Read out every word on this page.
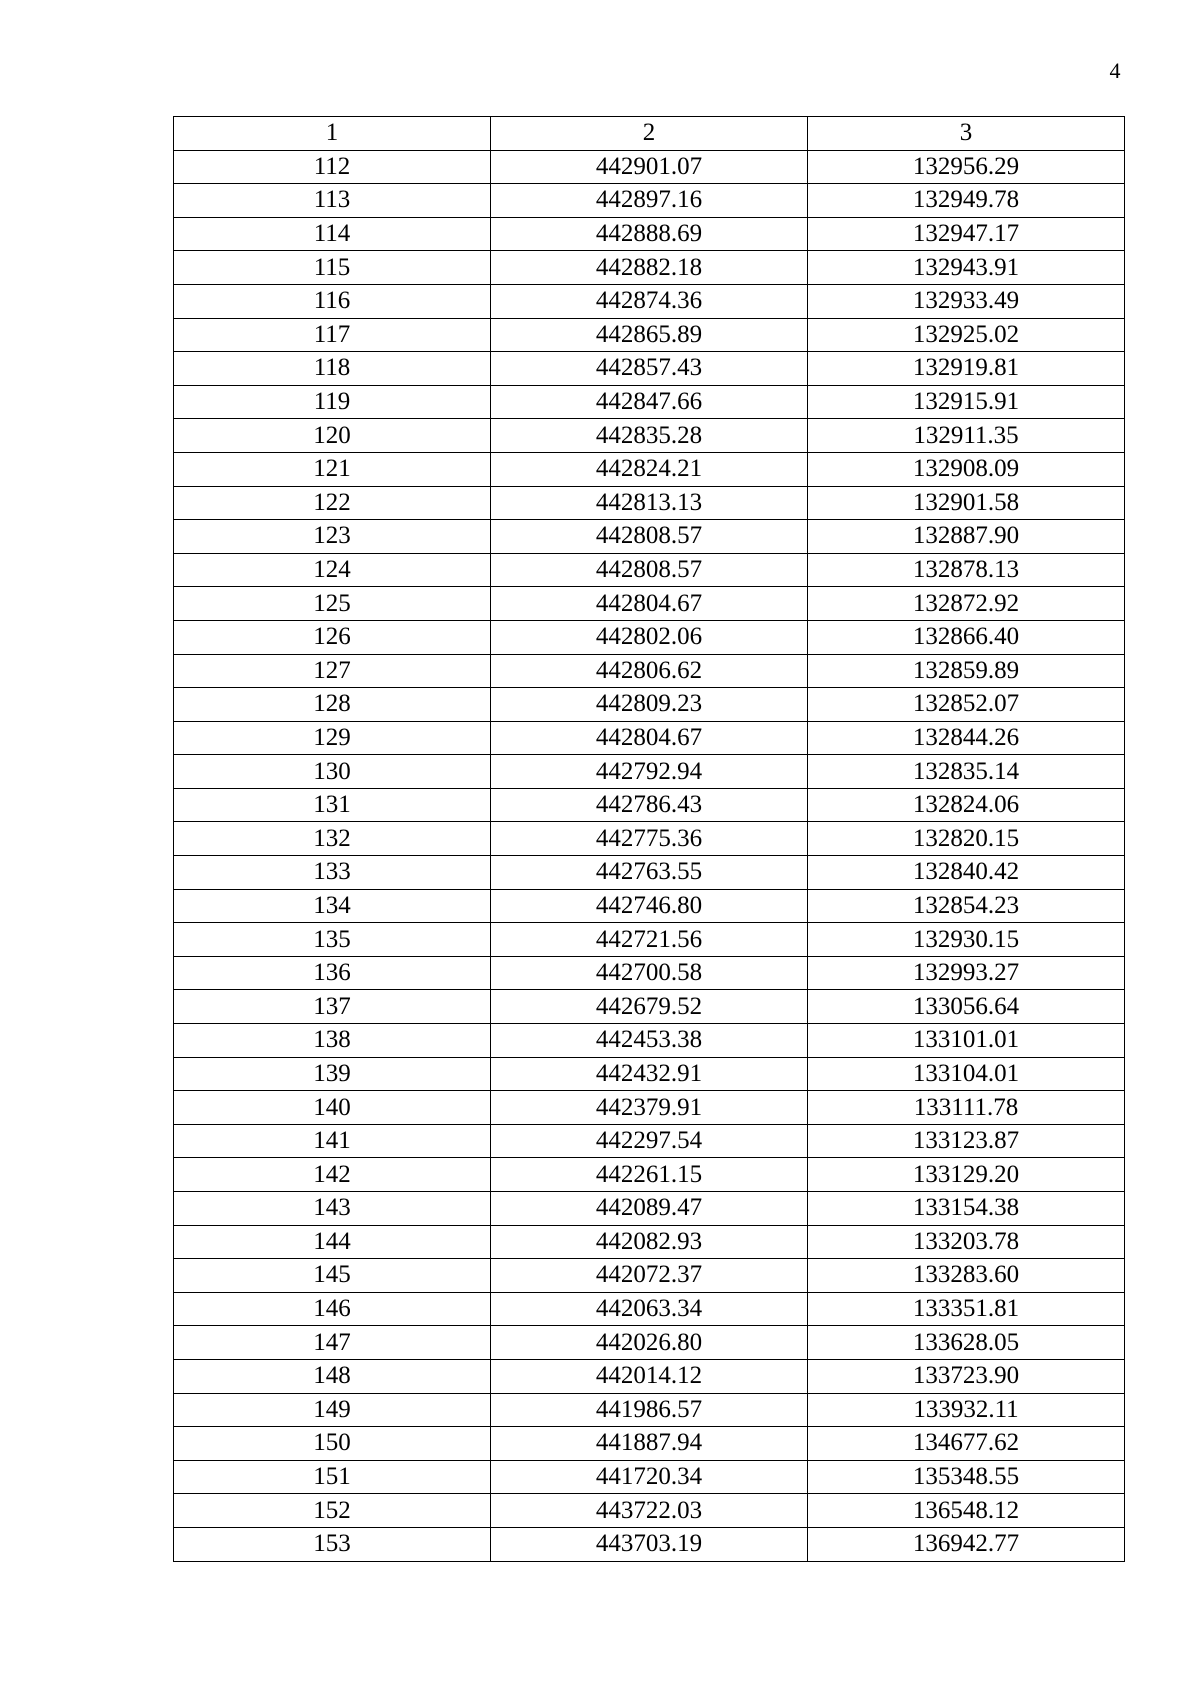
4
1	2	3
112	442901.07	132956.29
113	442897.16	132949.78
114	442888.69	132947.17
115	442882.18	132943.91
116	442874.36	132933.49
117	442865.89	132925.02
118	442857.43	132919.81
119	442847.66	132915.91
120	442835.28	132911.35
121	442824.21	132908.09
122	442813.13	132901.58
123	442808.57	132887.90
124	442808.57	132878.13
125	442804.67	132872.92
126	442802.06	132866.40
127	442806.62	132859.89
128	442809.23	132852.07
129	442804.67	132844.26
130	442792.94	132835.14
131	442786.43	132824.06
132	442775.36	132820.15
133	442763.55	132840.42
134	442746.80	132854.23
135	442721.56	132930.15
136	442700.58	132993.27
137	442679.52	133056.64
138	442453.38	133101.01
139	442432.91	133104.01
140	442379.91	133111.78
141	442297.54	133123.87
142	442261.15	133129.20
143	442089.47	133154.38
144	442082.93	133203.78
145	442072.37	133283.60
146	442063.34	133351.81
147	442026.80	133628.05
148	442014.12	133723.90
149	441986.57	133932.11
150	441887.94	134677.62
151	441720.34	135348.55
152	443722.03	136548.12
153	443703.19	136942.77
